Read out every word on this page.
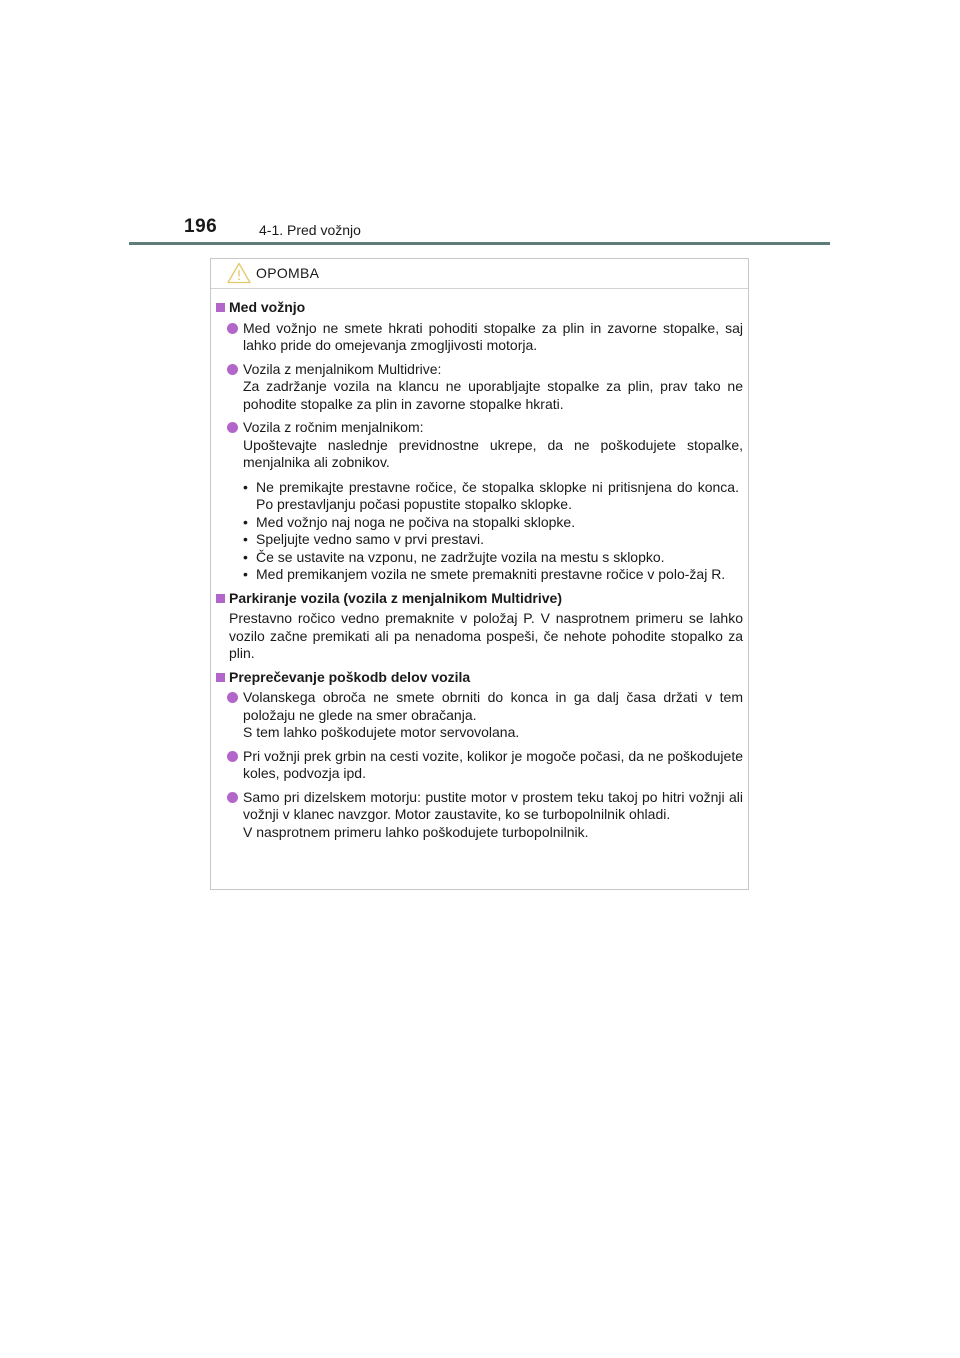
196	4-1. Pred vožnjo
OPOMBA
Med vožnjo
Med vožnjo ne smete hkrati pohoditi stopalke za plin in zavorne stopalke, saj lahko pride do omejevanja zmogljivosti motorja.
Vozila z menjalnikom Multidrive:
Za zadržanje vozila na klancu ne uporabljajte stopalke za plin, prav tako ne pohodite stopalke za plin in zavorne stopalke hkrati.
Vozila z ročnim menjalnikom:
Upoštevajte naslednje previdnostne ukrepe, da ne poškodujete stopalke, menjalnika ali zobnikov.
• Ne premikajte prestavne ročice, če stopalka sklopke ni pritisnjena do konca. Po prestavljanju počasi popustite stopalko sklopke.
• Med vožnjo naj noga ne počiva na stopalki sklopke.
• Speljujte vedno samo v prvi prestavi.
• Če se ustavite na vzponu, ne zadržujte vozila na mestu s sklopko.
• Med premikanjem vozila ne smete premakniti prestavne ročice v polo-žaj R.
Parkiranje vozila (vozila z menjalnikom Multidrive)
Prestavno ročico vedno premaknite v položaj P. V nasprotnem primeru se lahko vozilo začne premikati ali pa nenadoma pospeši, če nehote pohodite stopalko za plin.
Preprečevanje poškodb delov vozila
Volanskega obroča ne smete obrniti do konca in ga dalj časa držati v tem položaju ne glede na smer obračanja.
S tem lahko poškodujete motor servovolana.
Pri vožnji prek grbin na cesti vozite, kolikor je mogoče počasi, da ne poškodujete koles, podvozja ipd.
Samo pri dizelskem motorju: pustite motor v prostem teku takoj po hitri vožnji ali vožnji v klanec navzgor. Motor zaustavite, ko se turbopolnilnik ohladi.
V nasprotnem primeru lahko poškodujete turbopolnilnik.
